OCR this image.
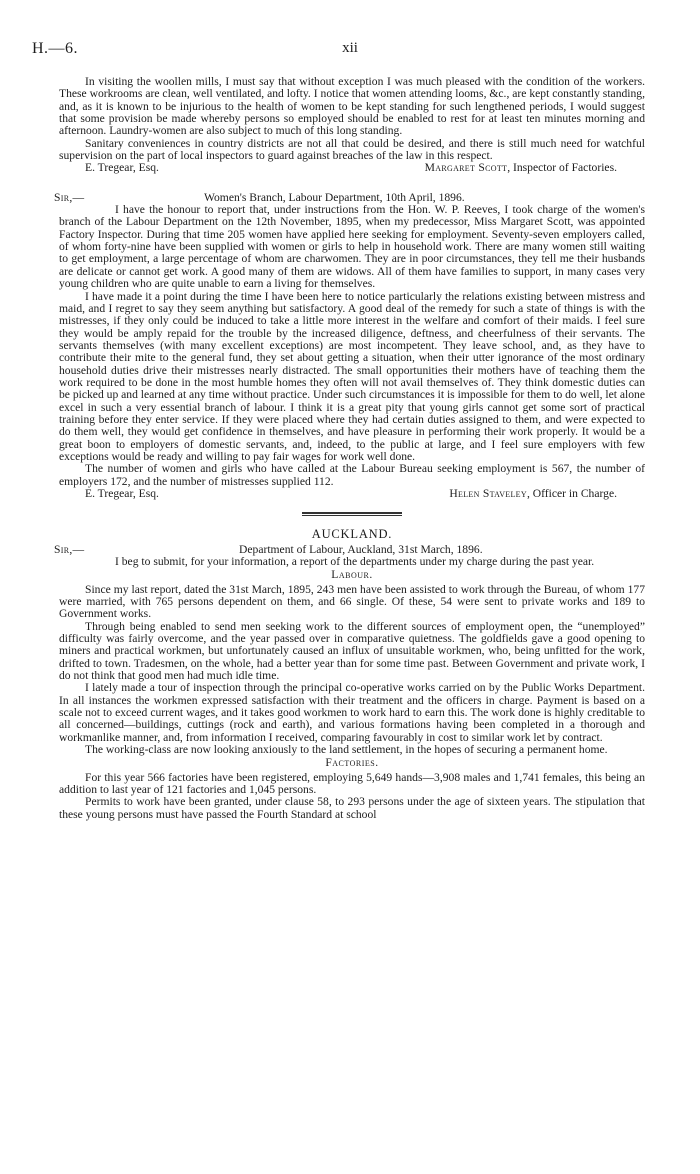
H.—6.	xii

In visiting the woollen mills, I must say that without exception I was much pleased with the condition of the workers. These workrooms are clean, well ventilated, and lofty. I notice that women attending looms, &c., are kept constantly standing, and, as it is known to be injurious to the health of women to be kept standing for such lengthened periods, I would suggest that some provision be made whereby persons so employed should be enabled to rest for at least ten minutes morning and afternoon. Laundry-women are also subject to much of this long standing.

Sanitary conveniences in country districts are not all that could be desired, and there is still much need for watchful supervision on the part of local inspectors to guard against breaches of the law in this respect.

E. Tregear, Esq.	Margaret Scott, Inspector of Factories.
Sir,—	Women's Branch, Labour Department, 10th April, 1896.

I have the honour to report that, under instructions from the Hon. W. P. Reeves, I took charge of the women's branch of the Labour Department on the 12th November, 1895, when my predecessor, Miss Margaret Scott, was appointed Factory Inspector. During that time 205 women have applied here seeking for employment. Seventy-seven employers called, of whom forty-nine have been supplied with women or girls to help in household work. There are many women still waiting to get employment, a large percentage of whom are charwomen. They are in poor circumstances, they tell me their husbands are delicate or cannot get work. A good many of them are widows. All of them have families to support, in many cases very young children who are quite unable to earn a living for themselves.

I have made it a point during the time I have been here to notice particularly the relations existing between mistress and maid, and I regret to say they seem anything but satisfactory. A good deal of the remedy for such a state of things is with the mistresses, if they only could be induced to take a little more interest in the welfare and comfort of their maids. I feel sure they would be amply repaid for the trouble by the increased diligence, deftness, and cheerfulness of their servants. The servants themselves (with many excellent exceptions) are most incompetent. They leave school, and, as they have to contribute their mite to the general fund, they set about getting a situation, when their utter ignorance of the most ordinary household duties drive their mistresses nearly distracted. The small opportunities their mothers have of teaching them the work required to be done in the most humble homes they often will not avail themselves of. They think domestic duties can be picked up and learned at any time without practice. Under such circumstances it is impossible for them to do well, let alone excel in such a very essential branch of labour. I think it is a great pity that young girls cannot get some sort of practical training before they enter service. If they were placed where they had certain duties assigned to them, and were expected to do them well, they would get confidence in themselves, and have pleasure in performing their work properly. It would be a great boon to employers of domestic servants, and, indeed, to the public at large, and I feel sure employers with few exceptions would be ready and willing to pay fair wages for work well done.

The number of women and girls who have called at the Labour Bureau seeking employment is 567, the number of employers 172, and the number of mistresses supplied 112.

E. Tregear, Esq.	Helen Staveley, Officer in Charge.
AUCKLAND.
Sir,—	Department of Labour, Auckland, 31st March, 1896.

I beg to submit, for your information, a report of the departments under my charge during the past year.

Labour.

Since my last report, dated the 31st March, 1895, 243 men have been assisted to work through the Bureau, of whom 177 were married, with 765 persons dependent on them, and 66 single. Of these, 54 were sent to private works and 189 to Government works.

Through being enabled to send men seeking work to the different sources of employment open, the “unemployed” difficulty was fairly overcome, and the year passed over in comparative quietness. The goldfields gave a good opening to miners and practical workmen, but unfortunately caused an influx of unsuitable workmen, who, being unfitted for the work, drifted to town. Tradesmen, on the whole, had a better year than for some time past. Between Government and private work, I do not think that good men had much idle time.

I lately made a tour of inspection through the principal co-operative works carried on by the Public Works Department. In all instances the workmen expressed satisfaction with their treatment and the officers in charge. Payment is based on a scale not to exceed current wages, and it takes good workmen to work hard to earn this. The work done is highly creditable to all concerned—buildings, cuttings (rock and earth), and various formations having been completed in a thorough and workmanlike manner, and, from information I received, comparing favourably in cost to similar work let by contract.

The working-class are now looking anxiously to the land settlement, in the hopes of securing a permanent home.

Factories.

For this year 566 factories have been registered, employing 5,649 hands—3,908 males and 1,741 females, this being an addition to last year of 121 factories and 1,045 persons.

Permits to work have been granted, under clause 58, to 293 persons under the age of sixteen years. The stipulation that these young persons must have passed the Fourth Standard at school
